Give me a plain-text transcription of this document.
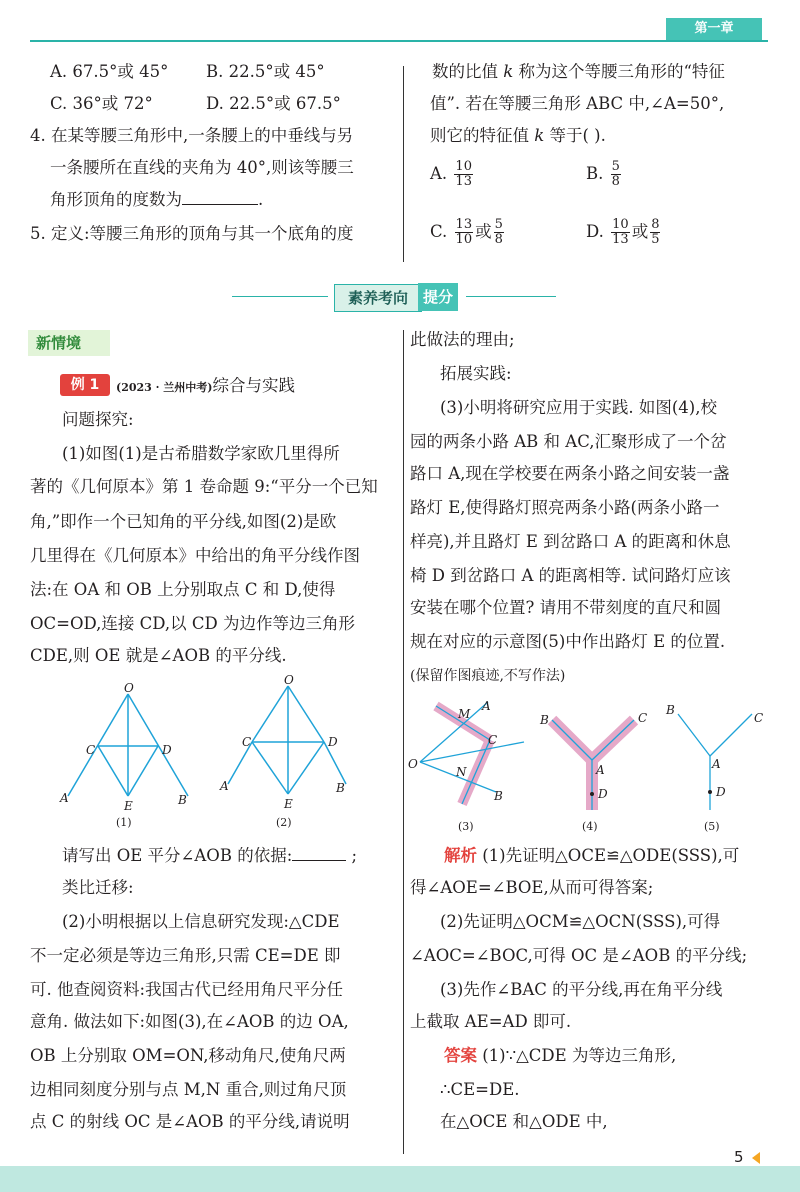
第一章
A. 67.5°或 45° B. 22.5°或 45°
C. 36°或 72°	D. 22.5°或 67.5°
4. 在某等腰三角形中,一条腰上的中垂线与另
一条腰所在直线的夹角为 40°,则该等腰三
角形顶角的度数为	.
5. 定义:等腰三角形的顶角与其一个底角的度
数的比值 k 称为这个等腰三角形的“特征
值”. 若在等腰三角形 ABC 中,∠A=50°,
则它的特征值 k 等于( ).
A. $\frac{10}{13}$	B. $\frac{5}{8}$
C. $\frac{13}{10}$ 或 $\frac{5}{8}$	D. $\frac{10}{13}$ 或 $\frac{8}{5}$
素养考向 提分
新情境
例 1	(2023 · 兰州中考)综合与实践
问题探究:
(1)如图(1)是古希腊数学家欧几里得所
著的《几何原本》第 1 卷命题 9:“平分一个已知
角,”即作一个已知角的平分线,如图(2)是欧
几里得在《几何原本》中给出的角平分线作图
法:在 OA 和 OB 上分别取点 C 和 D,使得
OC=OD,连接 CD,以 CD 为边作等边三角形
CDE,则 OE 就是∠AOB 的平分线.
O
C	D
A
E	B
(1)
O
C	D
A
E
B
(2)
请写出 OE 平分∠AOB 的依据:	;
类比迁移:
(2)小明根据以上信息研究发现:△CDE
不一定必须是等边三角形,只需 CE=DE 即
可. 他查阅资料:我国古代已经用角尺平分任
意角. 做法如下:如图(3),在∠AOB 的边 OA,
OB 上分别取 OM=ON,移动角尺,使角尺两
边相同刻度分别与点 M,N 重合,则过角尺顶
点 C 的射线 OC 是∠AOB 的平分线,请说明
此做法的理由;
拓展实践:
(3)小明将研究应用于实践. 如图(4),校
园的两条小路 AB 和 AC,汇聚形成了一个岔
路口 A,现在学校要在两条小路之间安装一盏
路灯 E,使得路灯照亮两条小路(两条小路一
样亮),并且路灯 E 到岔路口 A 的距离和休息
椅 D 到岔路口 A 的距离相等. 试问路灯应该
安装在哪个位置? 请用不带刻度的直尺和圆
规在对应的示意图(5)中作出路灯 E 的位置.
(保留作图痕迹,不写作法)
M
A
C
O
N
B
(3)
B	C
A
D
(4)
B
C
A
D
(5)
解析 (1)先证明△OCE≌△ODE(SSS),可
得∠AOE=∠BOE,从而可得答案;
(2)先证明△OCM≌△OCN(SSS),可得
∠AOC=∠BOC,可得 OC 是∠AOB 的平分线;
(3)先作∠BAC 的平分线,再在角平分线
上截取 AE=AD 即可.
答案 (1)∵△CDE 为等边三角形,
∴CE=DE.
在△OCE 和△ODE 中,
5
